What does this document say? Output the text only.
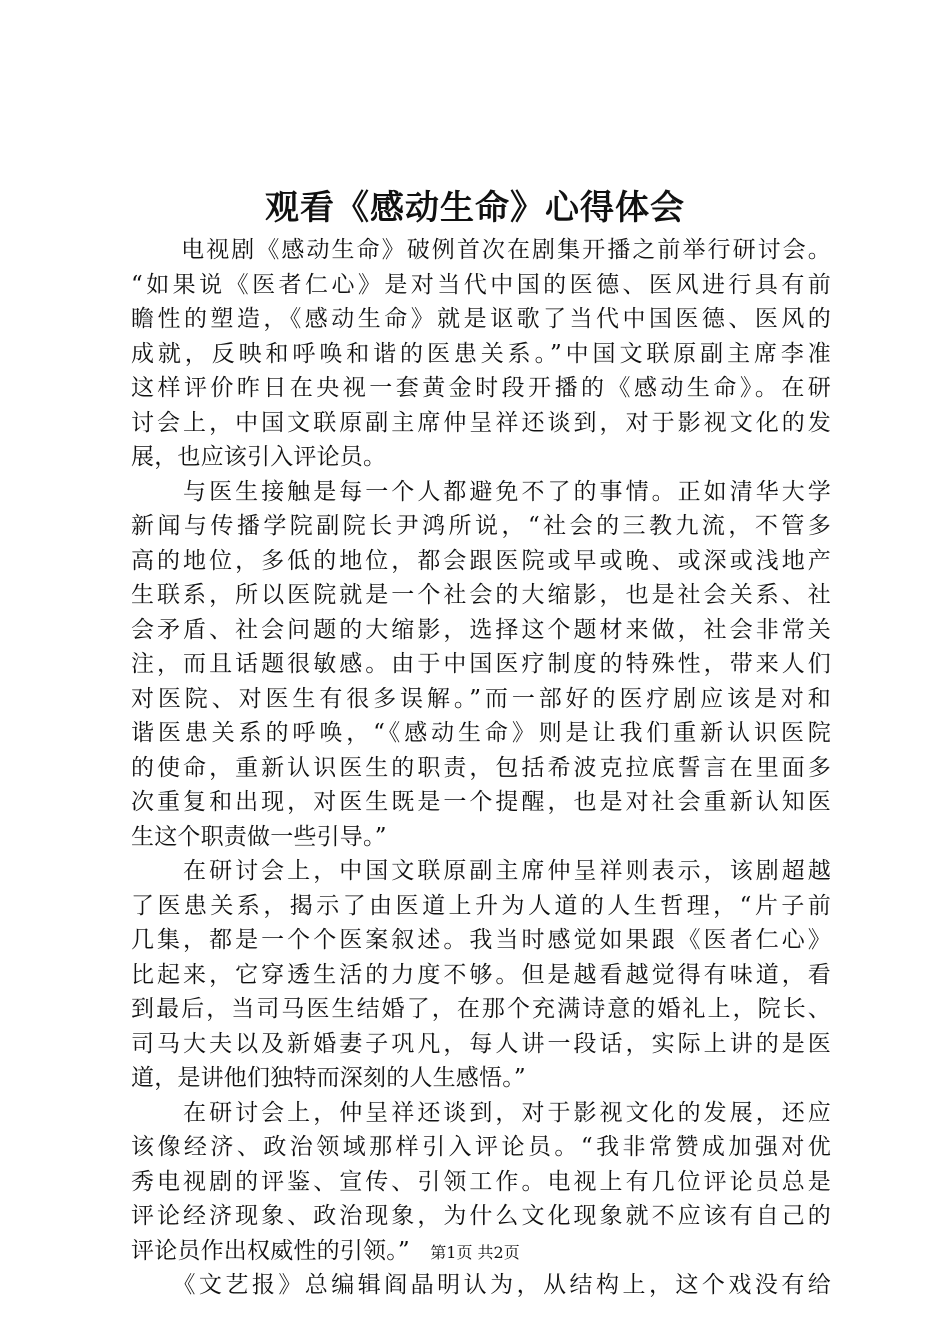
观看《感动生命》心得体会
　　电视剧《感动生命》破例首次在剧集开播之前举行研讨会。
“如果说《医者仁心》是对当代中国的医德、医风进行具有前
瞻性的塑造，《感动生命》就是讴歌了当代中国医德、医风的
成就，反映和呼唤和谐的医患关系。”中国文联原副主席李准
这样评价昨日在央视一套黄金时段开播的《感动生命》。在研
讨会上，中国文联原副主席仲呈祥还谈到，对于影视文化的发
展，也应该引入评论员。
　　与医生接触是每一个人都避免不了的事情。正如清华大学
新闻与传播学院副院长尹鸿所说，“社会的三教九流，不管多
高的地位，多低的地位，都会跟医院或早或晚、或深或浅地产
生联系，所以医院就是一个社会的大缩影，也是社会关系、社
会矛盾、社会问题的大缩影，选择这个题材来做，社会非常关
注，而且话题很敏感。由于中国医疗制度的特殊性，带来人们
对医院、对医生有很多误解。”而一部好的医疗剧应该是对和
谐医患关系的呼唤，“《感动生命》则是让我们重新认识医院
的使命，重新认识医生的职责，包括希波克拉底誓言在里面多
次重复和出现，对医生既是一个提醒，也是对社会重新认知医
生这个职责做一些引导。”
　　在研讨会上，中国文联原副主席仲呈祥则表示，该剧超越
了医患关系，揭示了由医道上升为人道的人生哲理，“片子前
几集，都是一个个医案叙述。我当时感觉如果跟《医者仁心》
比起来，它穿透生活的力度不够。但是越看越觉得有味道，看
到最后，当司马医生结婚了，在那个充满诗意的婚礼上，院长、
司马大夫以及新婚妻子巩凡，每人讲一段话，实际上讲的是医
道，是讲他们独特而深刻的人生感悟。”
　　在研讨会上，仲呈祥还谈到，对于影视文化的发展，还应
该像经济、政治领域那样引入评论员。“我非常赞成加强对优
秀电视剧的评鉴、宣传、引领工作。电视上有几位评论员总是
评论经济现象、政治现象，为什么文化现象就不应该有自己的
评论员作出权威性的引领。”
　　《文艺报》总编辑阎晶明认为，从结构上，这个戏没有给
第1页 共2页
